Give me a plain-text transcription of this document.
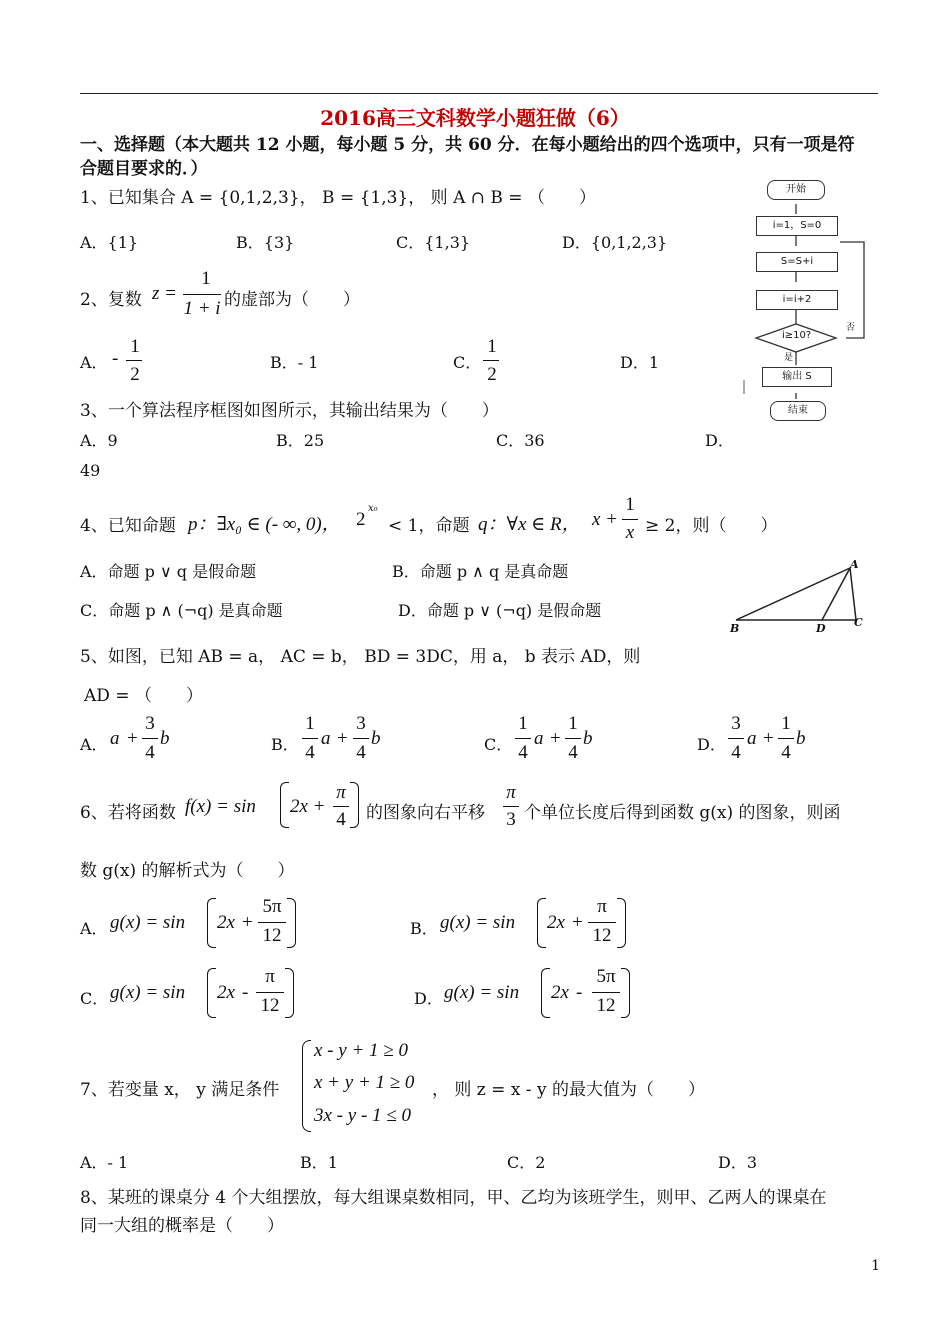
2016高三文科数学小题狂做（6）
一、选择题（本大题共 12 小题，每小题 5 分，共 60 分．在每小题给出的四个选项中，只有一项是符
合题目要求的．）
1、已知集合 A = {0,1,2,3}， B = {1,3}， 则 A ∩ B = （　　）
A．{1}	B．{3}	C．{1,3}	D．{0,1,2,3}
2、复数 z =
1
1 + i 的虚部为（　　）
A． -
1
2
B．- 1	C．
1
2
D．1
3、一个算法程序框图如图所示，其输出结果为（　　）
A．9	B．25	C．36	D．
49
开始
i=1，S=0
S=S+i
i=i+2
i≥10?
否
是
输出 S
结束
4、已知命题 p：∃x₀ ∈ (- ∞, 0)， 2
x₀
< 1，命题 q：∀x ∈ R， x +
1
x ≥ 2，则（　　）
A．命题 p ∨ q 是假命题	B．命题 p ∧ q 是真命题
C．命题 p ∧ (¬q) 是真命题	D．命题 p ∨ (¬q) 是假命题
A
B	C
D
5、如图，已知 AB = a， AC = b， BD = 3DC，用 a， b 表示 AD，则
AD = （　　）
A． a +
3
4
b	B．
1
4
a +
3
4
b	C．
1
4
a +
1
4
b	D．
3
4
a +
1
4
b
6、若将函数 f(x) = sin 2x +
π
4 的图象向右平移
π
3 个单位长度后得到函数 g(x) 的图象，则函
数 g(x) 的解析式为（　　）
A． g(x) = sin 2x +
5π
12	B． g(x) = sin 2x +
π
12
C． g(x) = sin 2x -
π
12	D． g(x) = sin 2x -
5π
12
7、若变量 x， y 满足条件
x - y + 1 ≥ 0
x + y + 1 ≥ 0
3x - y - 1 ≤ 0
， 则 z = x - y 的最大值为（　　）
A．- 1	B．1	C．2	D．3
8、某班的课桌分 4 个大组摆放，每大组课桌数相同，甲、乙均为该班学生，则甲、乙两人的课桌在
同一大组的概率是（　　）
1
